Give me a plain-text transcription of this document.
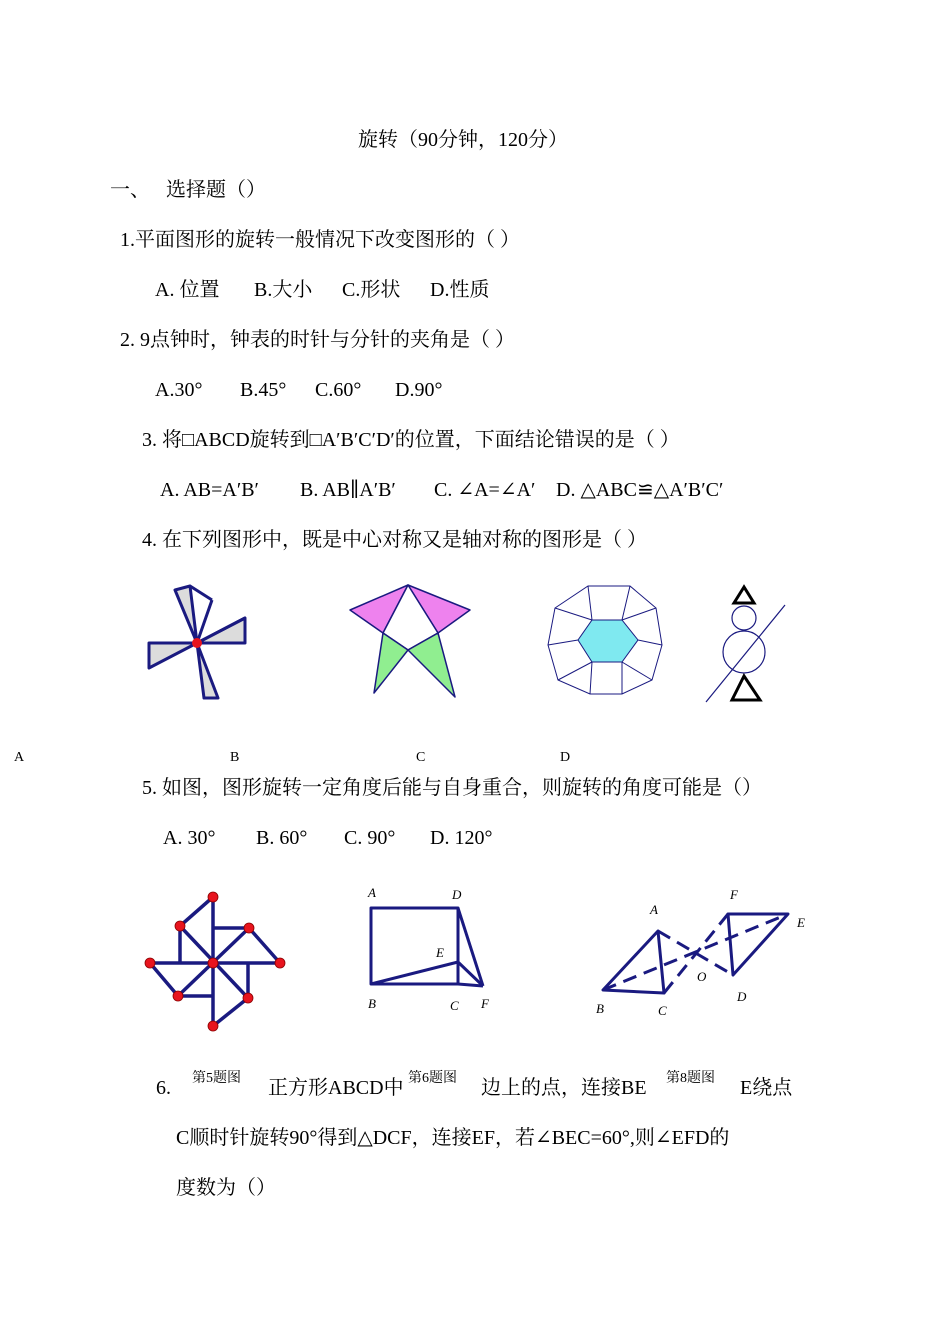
旋转（90分钟，120分）
一、 选择题（）
1.平面图形的旋转一般情况下改变图形的（ ）
A. 位置 B.大小 C.形状 D.性质
2. 9点钟时，钟表的时针与分针的夹角是（ ）
A.30° B.45° C.60° D.90°
3. 将□ABCD旋转到□A′B′C′D′的位置，下面结论错误的是（ ）
A. AB=A′B′ B. AB∥A′B′ C. ∠A=∠A′ D. △ABC≌△A′B′C′
4. 在下列图形中，既是中心对称又是轴对称的图形是（ ）
A	B	C	D
5. 如图，图形旋转一定角度后能与自身重合，则旋转的角度可能是（）
A. 30° B. 60° C. 90° D. 120°
A	D
E
B	C F
A
F
E
O
B	C
D
6.	正方形ABCD中	边上的点，连接BE	E绕点
第5题图	第6题图	第8题图
C顺时针旋转90°得到△DCF，连接EF，若∠BEC=60°,则∠EFD的
度数为（）
